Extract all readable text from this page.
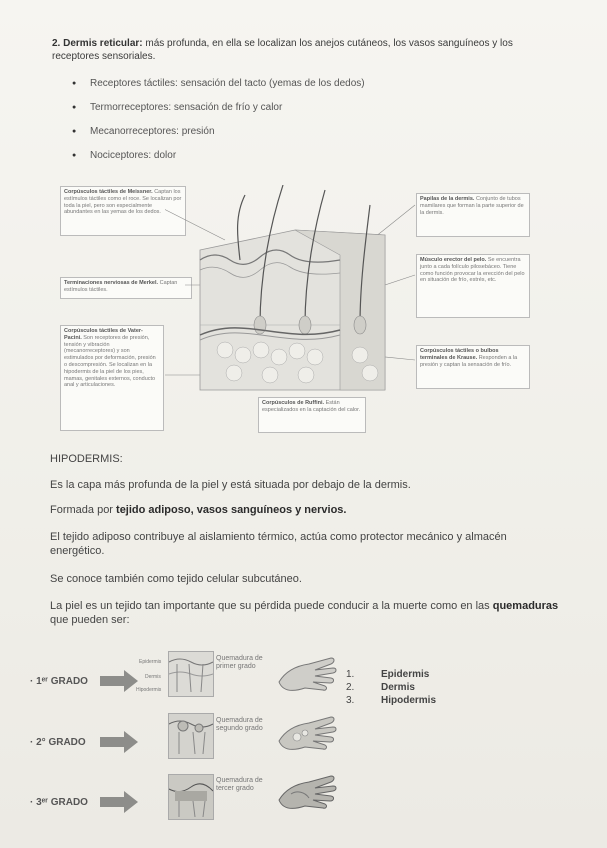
2. Dermis reticular: más profunda, en ella se localizan los anejos cutáneos, los vasos sanguíneos y los receptores sensoriales.
● Receptores táctiles: sensación del tacto (yemas de los dedos)
● Termorreceptores: sensación de frío y calor
● Mecanorreceptores: presión
● Nociceptores: dolor
Corpúsculos táctiles de Meissner. Captan los estímulos táctiles como el roce. Se localizan por toda la piel, pero son especialmente abundantes en las yemas de los dedos.
Terminaciones nerviosas de Merkel. Captan estímulos táctiles.
Corpúsculos táctiles de Vater-Pacini. Son receptores de presión, tensión y vibración (mecanorreceptores) y son estimulados por deformación, presión o descompresión. Se localizan en la hipodermis de la piel de los pies, mamas, genitales externos, conducto anal y articulaciones.
Corpúsculos de Ruffini. Están especializados en la captación del calor.
Papilas de la dermis. Conjunto de tubos mamilares que forman la parte superior de la dermis.
Músculo erector del pelo. Se encuentra junto a cada folículo pilosebáceo. Tiene como función provocar la erección del pelo en situación de frío, estrés, etc.
Corpúsculos táctiles o bulbos terminales de Krause. Responden a la presión y captan la sensación de frío.
HIPODERMIS:
Es la capa más profunda de la piel y está situada por debajo de la dermis.
Formada por tejido adiposo, vasos sanguíneos y nervios.
El tejido adiposo contribuye al aislamiento térmico, actúa como protector mecánico y almacén energético.
Se conoce también como tejido celular subcutáneo.
La piel es un tejido tan importante que su pérdida puede conducir a la muerte como en las quemaduras que pueden ser:
· 1ᵉʳ GRADO
Epidermis
Dermis
Hipodermis
Quemadura de primer grado
· 2° GRADO
Quemadura de segundo grado
· 3ᵉʳ GRADO
Quemadura de tercer grado
1.	Epidermis
2.	Dermis
3.	Hipodermis
